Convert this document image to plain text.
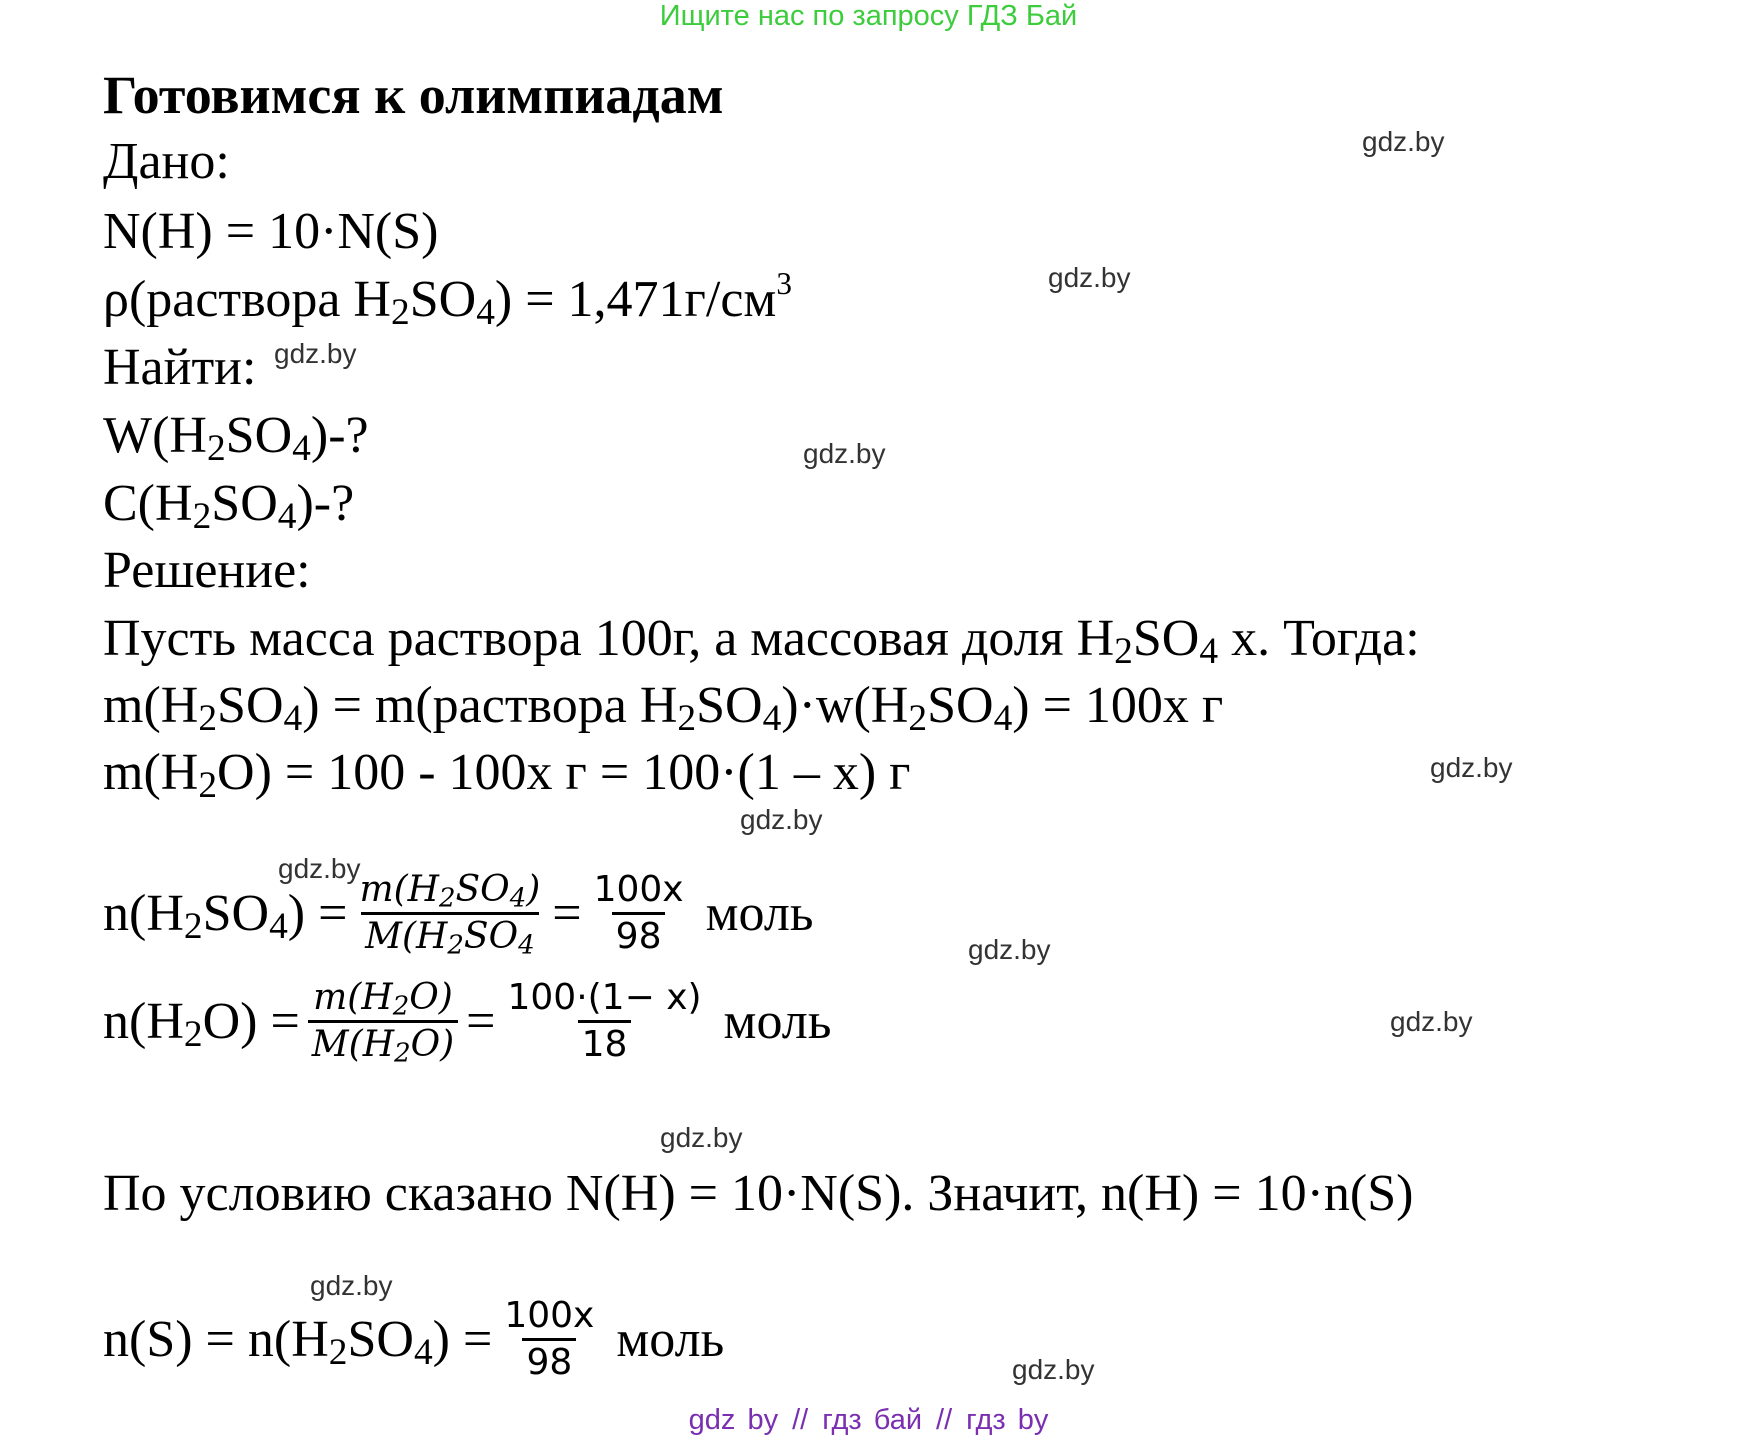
Ищите нас по запросу ГДЗ Бай
Готовимся к олимпиадам
Дано:
N(H) = 10·N(S)
ρ(раствора $H_2SO_4) = 1,471г/см^3$
Найти:
$W(H_2SO_4)-$?
$C(H_2SO_4)-$?
Решение:
Пусть масса раствора 100г, а массовая доля $H_2SO_4$ x. Тогда:
$m(H_2SO_4)$ = m(раствора $H_2SO_4)\cdot w(H_2SO_4) = 100x$ г
$m(H_2O) = 100 - 100x$ г = 100·(1 – x) г
$n(H_2SO_4) = \frac{m(H_2SO_4)}{M(H_2SO_4} = \frac{100x}{98}$ моль
$n(H_2O) = \frac{m(H_2O)}{M(H_2O)} = \frac{100\cdot(1- x)}{18}$ моль
По условию сказано N(H) = 10·N(S). Значит, n(H) = 10·n(S)
$n(S) = n(H_2SO_4) = \frac{100x}{98}$ моль
gdz.by
gdz.by
gdz.by
gdz.by
gdz.by
gdz.by
gdz.by
gdz.by
gdz.by
gdz.by
gdz.by
gdz.by
gdz by // гдз бай // гдз by
